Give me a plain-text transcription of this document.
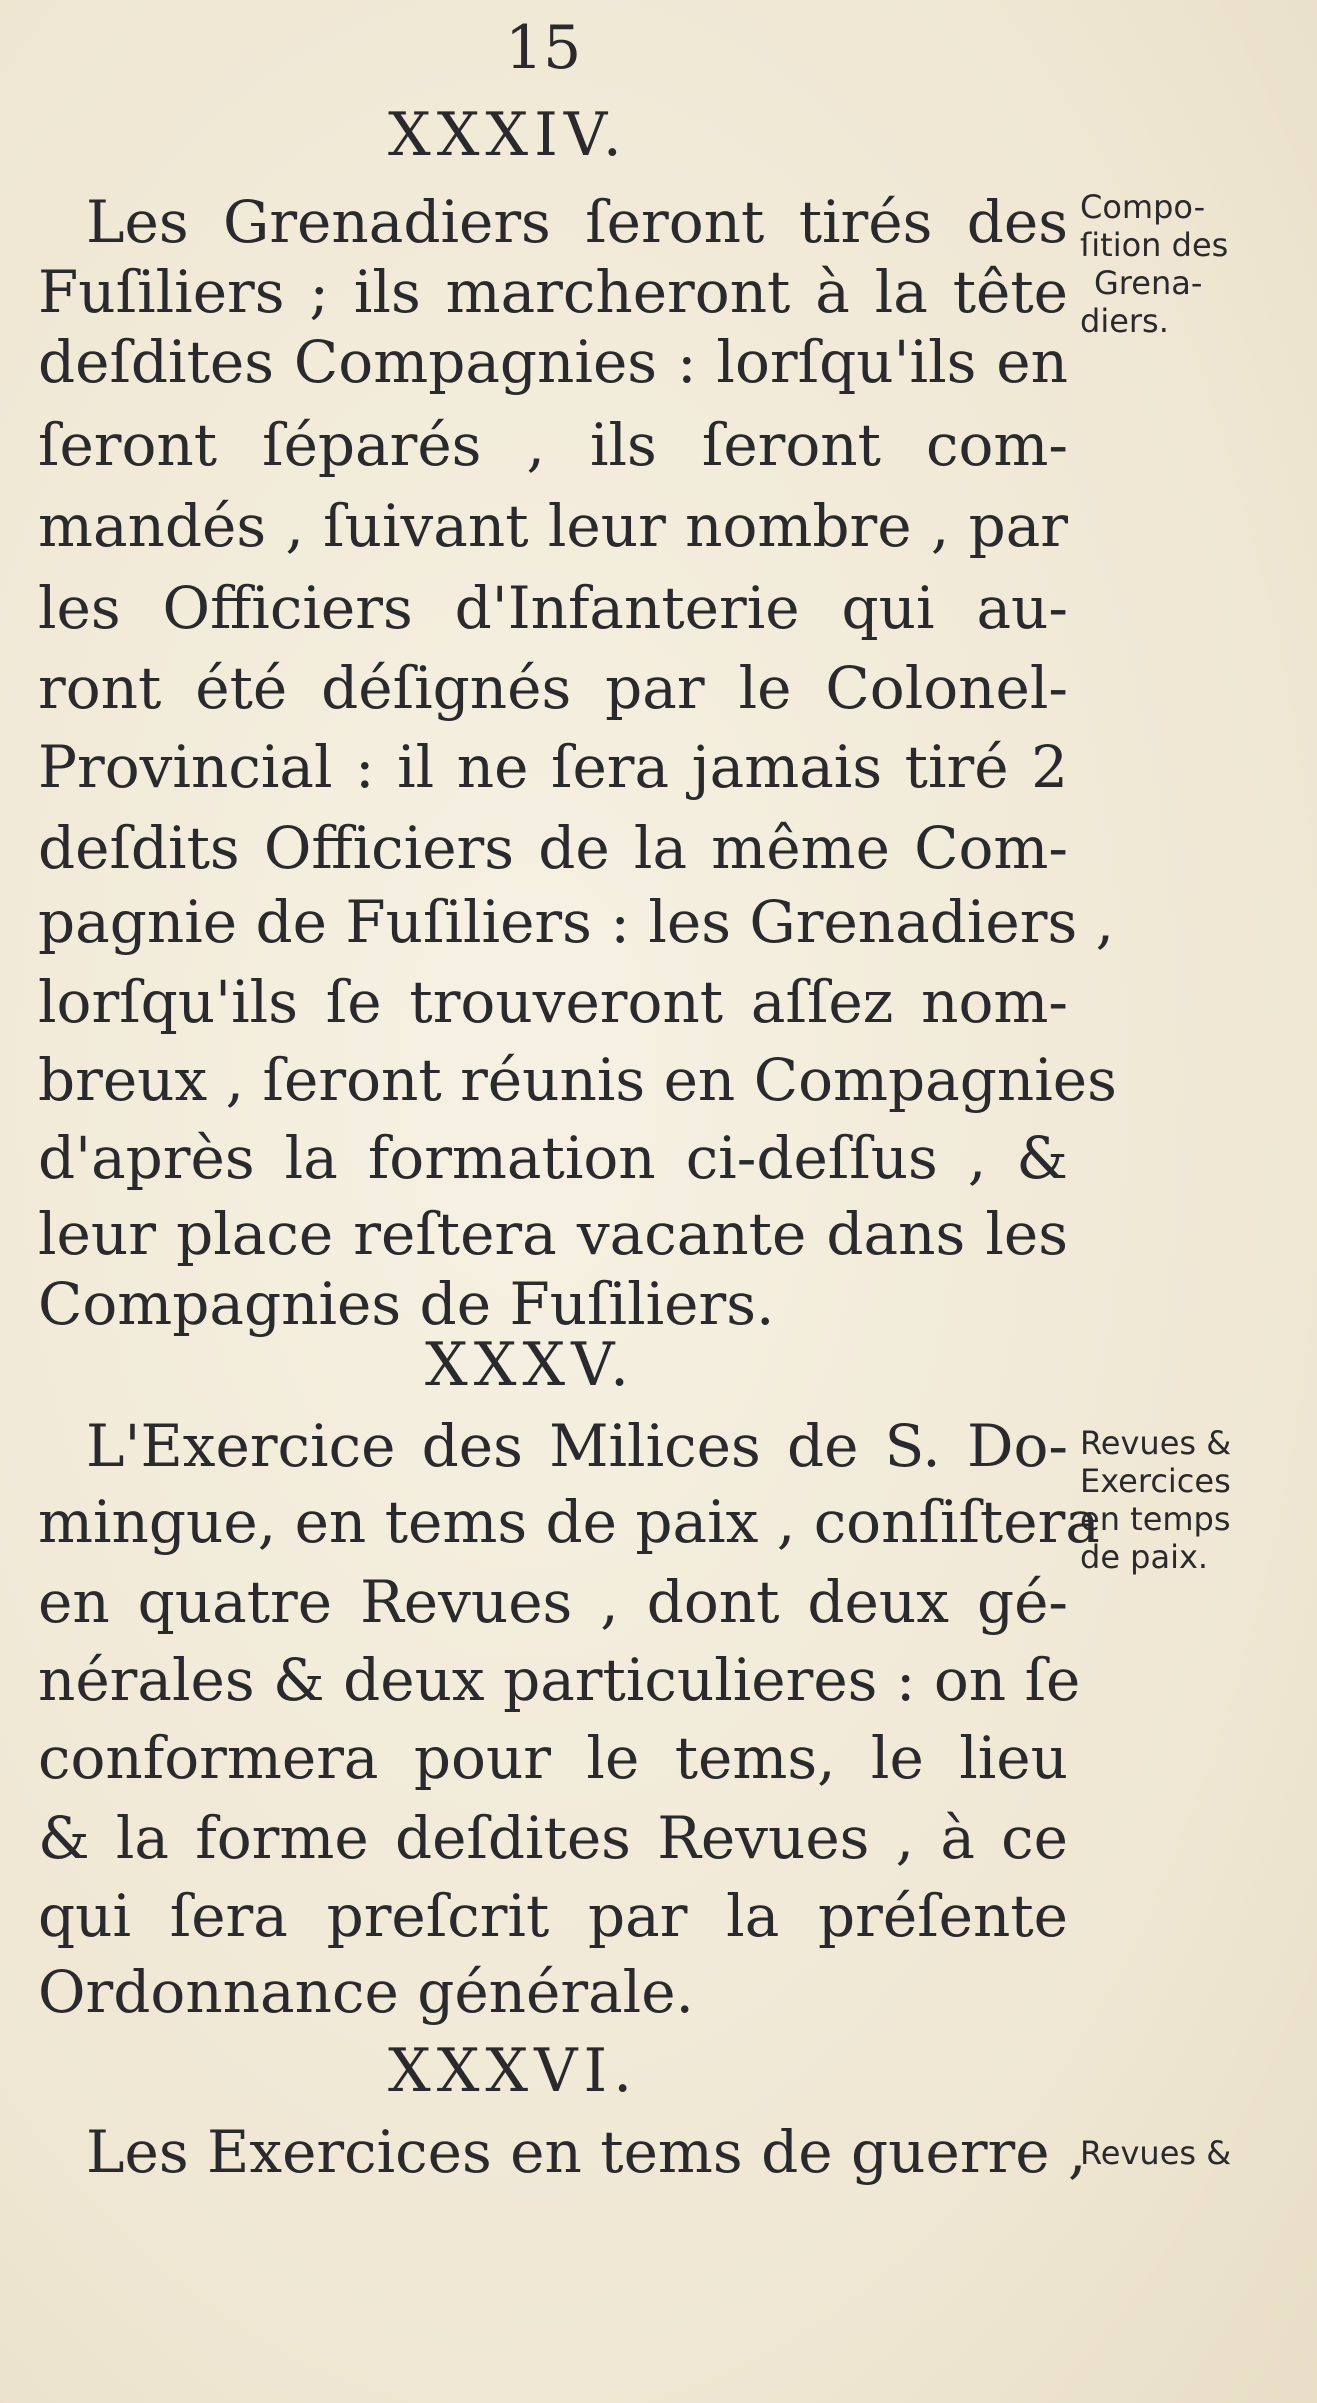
15
XXXIV.
Les Grenadiers ſeront tirés des
Fuſiliers ; ils marcheront à la tête
deſdites Compagnies : lorſqu'ils en
ſeront ſéparés , ils ſeront com-
mandés , ſuivant leur nombre , par
les Officiers d'Infanterie qui au-
ront été déſignés par le Colonel-
Provincial : il ne ſera jamais tiré 2
deſdits Officiers de la même Com-
pagnie de Fuſiliers : les Grenadiers ,
lorſqu'ils ſe trouveront aſſez nom-
breux , ſeront réunis en Compagnies
d'après la formation ci-deſſus , &
leur place reſtera vacante dans les
Compagnies de Fuſiliers.
Compo-
ſition des
Grena-
diers.
XXXV.
L'Exercice des Milices de S. Do-
mingue, en tems de paix , conſiſtera
en quatre Revues , dont deux gé-
nérales & deux particulieres : on ſe
conformera pour le tems, le lieu
& la forme deſdites Revues , à ce
qui ſera preſcrit par la préſente
Ordonnance générale.
Revues &
Exercices
en temps
de paix.
XXXVI.
Les Exercices en tems de guerre ,
Revues &
